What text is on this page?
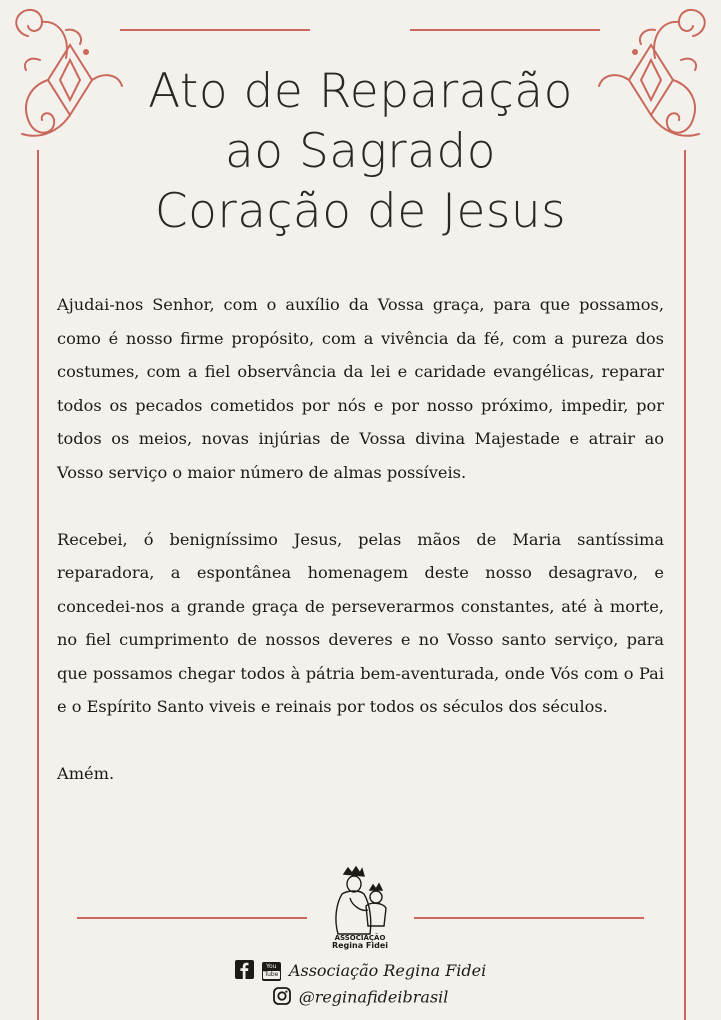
Ato de Reparação
ao Sagrado
Coração de Jesus

Ajudai-nos Senhor, com o auxílio da Vossa graça, para que possamos, como é nosso firme propósito, com a vivência da fé, com a pureza dos costumes, com a fiel observância da lei e caridade evangélicas, reparar todos os pecados cometidos por nós e por nosso próximo, impedir, por todos os meios, novas injúrias de Vossa divina Majestade e atrair ao Vosso serviço o maior número de almas possíveis.

Recebei, ó benigníssimo Jesus, pelas mãos de Maria santíssima reparadora, a espontânea homenagem deste nosso desagravo, e concedei-nos a grande graça de perseverarmos constantes, até à morte, no fiel cumprimento de nossos deveres e no Vosso santo serviço, para que possamos chegar todos à pátria bem-aventurada, onde Vós com o Pai e o Espírito Santo viveis e reinais por todos os séculos dos séculos.

Amém.

ASSOCIAÇÃO
Regina Fidei

You
Tube Associação Regina Fidei
@reginafideibrasil
